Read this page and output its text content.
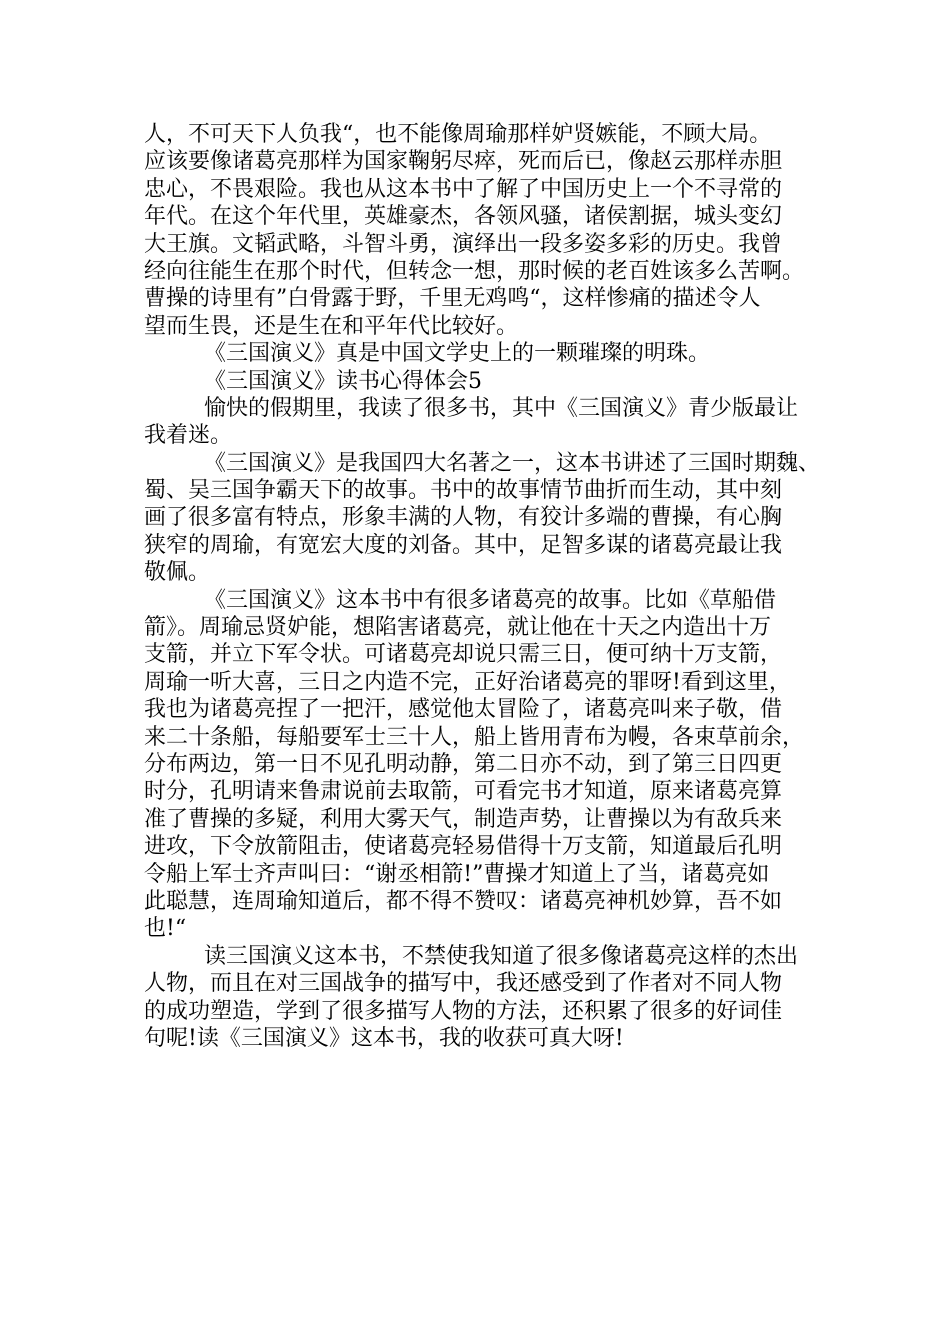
人，不可天下人负我“，也不能像周瑜那样妒贤嫉能，不顾大局。
应该要像诸葛亮那样为国家鞠躬尽瘁，死而后已，像赵云那样赤胆
忠心，不畏艰险。我也从这本书中了解了中国历史上一个不寻常的
年代。在这个年代里，英雄豪杰，各领风骚，诸侯割据，城头变幻
大王旗。文韬武略，斗智斗勇，演绎出一段多姿多彩的历史。我曾
经向往能生在那个时代，但转念一想，那时候的老百姓该多么苦啊。
曹操的诗里有”白骨露于野，千里无鸡鸣“，这样惨痛的描述令人
望而生畏，还是生在和平年代比较好。
《三国演义》真是中国文学史上的一颗璀璨的明珠。
《三国演义》读书心得体会5
愉快的假期里，我读了很多书，其中《三国演义》青少版最让
我着迷。
《三国演义》是我国四大名著之一，这本书讲述了三国时期魏、
蜀、吴三国争霸天下的故事。书中的故事情节曲折而生动，其中刻
画了很多富有特点，形象丰满的人物，有狡计多端的曹操，有心胸
狭窄的周瑜，有宽宏大度的刘备。其中，足智多谋的诸葛亮最让我
敬佩。
《三国演义》这本书中有很多诸葛亮的故事。比如《草船借
箭》。周瑜忌贤妒能，想陷害诸葛亮，就让他在十天之内造出十万
支箭，并立下军令状。可诸葛亮却说只需三日，便可纳十万支箭，
周瑜一听大喜，三日之内造不完，正好治诸葛亮的罪呀!看到这里，
我也为诸葛亮捏了一把汗，感觉他太冒险了，诸葛亮叫来子敬，借
来二十条船，每船要军士三十人，船上皆用青布为幔，各束草前余，
分布两边，第一日不见孔明动静，第二日亦不动，到了第三日四更
时分，孔明请来鲁肃说前去取箭，可看完书才知道，原来诸葛亮算
准了曹操的多疑，利用大雾天气，制造声势，让曹操以为有敌兵来
进攻，下令放箭阻击，使诸葛亮轻易借得十万支箭，知道最后孔明
令船上军士齐声叫曰：“谢丞相箭!”曹操才知道上了当，诸葛亮如
此聪慧，连周瑜知道后，都不得不赞叹：诸葛亮神机妙算，吾不如
也!“
读三国演义这本书，不禁使我知道了很多像诸葛亮这样的杰出
人物，而且在对三国战争的描写中，我还感受到了作者对不同人物
的成功塑造，学到了很多描写人物的方法，还积累了很多的好词佳
句呢!读《三国演义》这本书，我的收获可真大呀!
